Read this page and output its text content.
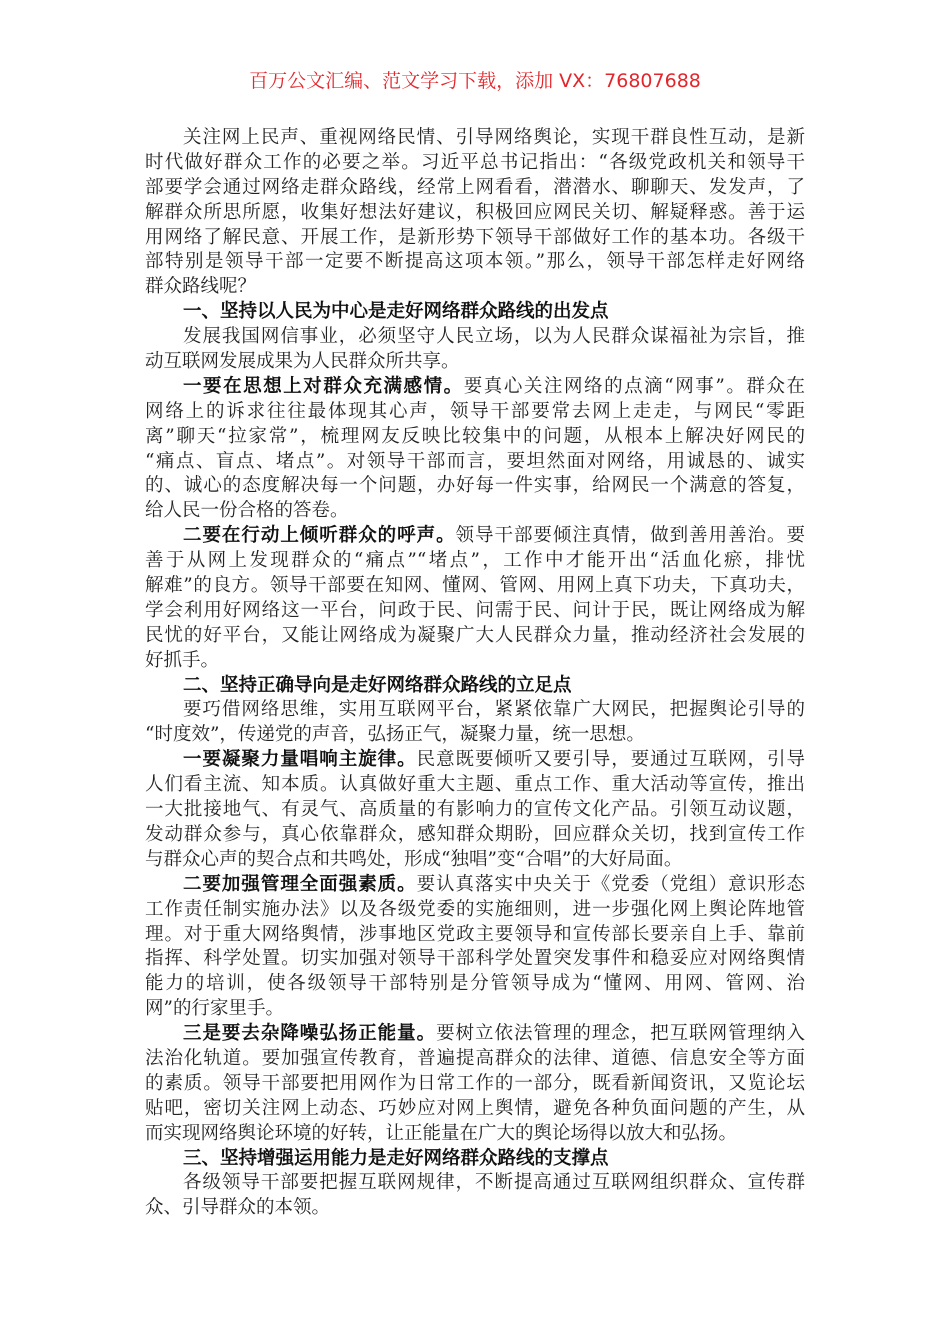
百万公文汇编、范文学习下载，添加 VX：76807688
关注网上民声、重视网络民情、引导网络舆论，实现干群良性互动，是新
时代做好群众工作的必要之举。习近平总书记指出：“各级党政机关和领导干
部要学会通过网络走群众路线，经常上网看看，潜潜水、聊聊天、发发声，了
解群众所思所愿，收集好想法好建议，积极回应网民关切、解疑释惑。善于运
用网络了解民意、开展工作，是新形势下领导干部做好工作的基本功。各级干
部特别是领导干部一定要不断提高这项本领。”那么，领导干部怎样走好网络
群众路线呢？
一、坚持以人民为中心是走好网络群众路线的出发点
发展我国网信事业，必须坚守人民立场，以为人民群众谋福祉为宗旨，推
动互联网发展成果为人民群众所共享。
一要在思想上对群众充满感情。要真心关注网络的点滴“网事”。群众在
网络上的诉求往往最体现其心声，领导干部要常去网上走走，与网民“零距
离”聊天“拉家常”，梳理网友反映比较集中的问题，从根本上解决好网民的
“痛点、盲点、堵点”。对领导干部而言，要坦然面对网络，用诚恳的、诚实
的、诚心的态度解决每一个问题，办好每一件实事，给网民一个满意的答复，
给人民一份合格的答卷。
二要在行动上倾听群众的呼声。领导干部要倾注真情，做到善用善治。要
善于从网上发现群众的“痛点”“堵点”，工作中才能开出“活血化瘀，排忧
解难”的良方。领导干部要在知网、懂网、管网、用网上真下功夫，下真功夫，
学会利用好网络这一平台，问政于民、问需于民、问计于民，既让网络成为解
民忧的好平台，又能让网络成为凝聚广大人民群众力量，推动经济社会发展的
好抓手。
二、坚持正确导向是走好网络群众路线的立足点
要巧借网络思维，实用互联网平台，紧紧依靠广大网民，把握舆论引导的
“时度效”，传递党的声音，弘扬正气，凝聚力量，统一思想。
一要凝聚力量唱响主旋律。民意既要倾听又要引导，要通过互联网，引导
人们看主流、知本质。认真做好重大主题、重点工作、重大活动等宣传，推出
一大批接地气、有灵气、高质量的有影响力的宣传文化产品。引领互动议题，
发动群众参与，真心依靠群众，感知群众期盼，回应群众关切，找到宣传工作
与群众心声的契合点和共鸣处，形成“独唱”变“合唱”的大好局面。
二要加强管理全面强素质。要认真落实中央关于《党委（党组）意识形态
工作责任制实施办法》以及各级党委的实施细则，进一步强化网上舆论阵地管
理。对于重大网络舆情，涉事地区党政主要领导和宣传部长要亲自上手、靠前
指挥、科学处置。切实加强对领导干部科学处置突发事件和稳妥应对网络舆情
能力的培训，使各级领导干部特别是分管领导成为“懂网、用网、管网、治
网”的行家里手。
三是要去杂降噪弘扬正能量。要树立依法管理的理念，把互联网管理纳入
法治化轨道。要加强宣传教育，普遍提高群众的法律、道德、信息安全等方面
的素质。领导干部要把用网作为日常工作的一部分，既看新闻资讯，又览论坛
贴吧，密切关注网上动态、巧妙应对网上舆情，避免各种负面问题的产生，从
而实现网络舆论环境的好转，让正能量在广大的舆论场得以放大和弘扬。
三、坚持增强运用能力是走好网络群众路线的支撑点
各级领导干部要把握互联网规律，不断提高通过互联网组织群众、宣传群
众、引导群众的本领。
